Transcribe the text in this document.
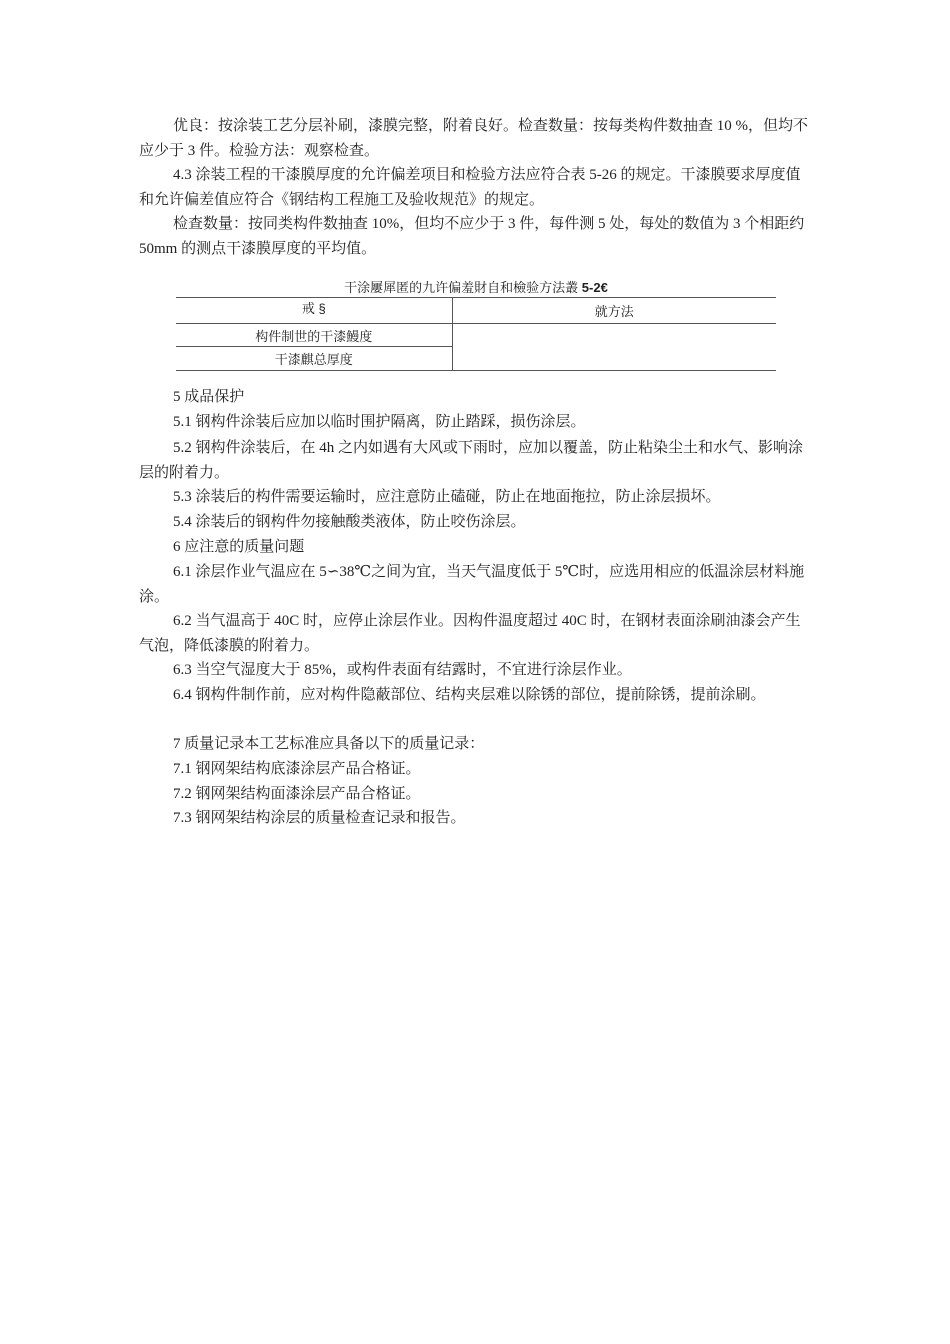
优良：按涂装工艺分层补刷，漆膜完整，附着良好。检查数量：按每类构件数抽查 10 %，但均不应少于 3 件。检验方法：观察检查。

4.3 涂装工程的干漆膜厚度的允许偏差项目和检验方法应符合表 5-26 的规定。干漆膜要求厚度值和允许偏差值应符合《钢结构工程施工及验收规范》的规定。

检查数量：按同类构件数抽查 10%，但均不应少于 3 件，每件测 5 处，每处的数值为 3 个相距约 50mm 的测点干漆膜厚度的平均值。

干涂屢犀匿的九许偏羞財自和檢验方法叢 5-2€
戒 §	就方法
构件制世的干漆鰻度	
干漆麒总厚度	

5 成品保护

5.1 钢构件涂装后应加以临时围护隔离，防止踏踩，损伤涂层。

5.2 钢构件涂装后，在 4h 之内如遇有大风或下雨时，应加以覆盖，防止粘染尘土和水气、影响涂层的附着力。

5.3 涂装后的构件需要运输时，应注意防止磕碰，防止在地面拖拉，防止涂层损坏。

5.4 涂装后的钢构件勿接触酸类液体，防止咬伤涂层。

6 应注意的质量问题

6.1 涂层作业气温应在 5∽38℃之间为宜，当天气温度低于 5℃时，应选用相应的低温涂层材料施涂。

6.2 当气温高于 40C 时，应停止涂层作业。因构件温度超过 40C 时，在钢材表面涂刷油漆会产生气泡，降低漆膜的附着力。

6.3 当空气湿度大于 85%，或构件表面有结露时，不宜进行涂层作业。

6.4 钢构件制作前，应对构件隐蔽部位、结构夹层难以除锈的部位，提前除锈，提前涂刷。

7 质量记录本工艺标准应具备以下的质量记录：

7.1 钢网架结构底漆涂层产品合格证。

7.2 钢网架结构面漆涂层产品合格证。

7.3 钢网架结构涂层的质量检查记录和报告。
